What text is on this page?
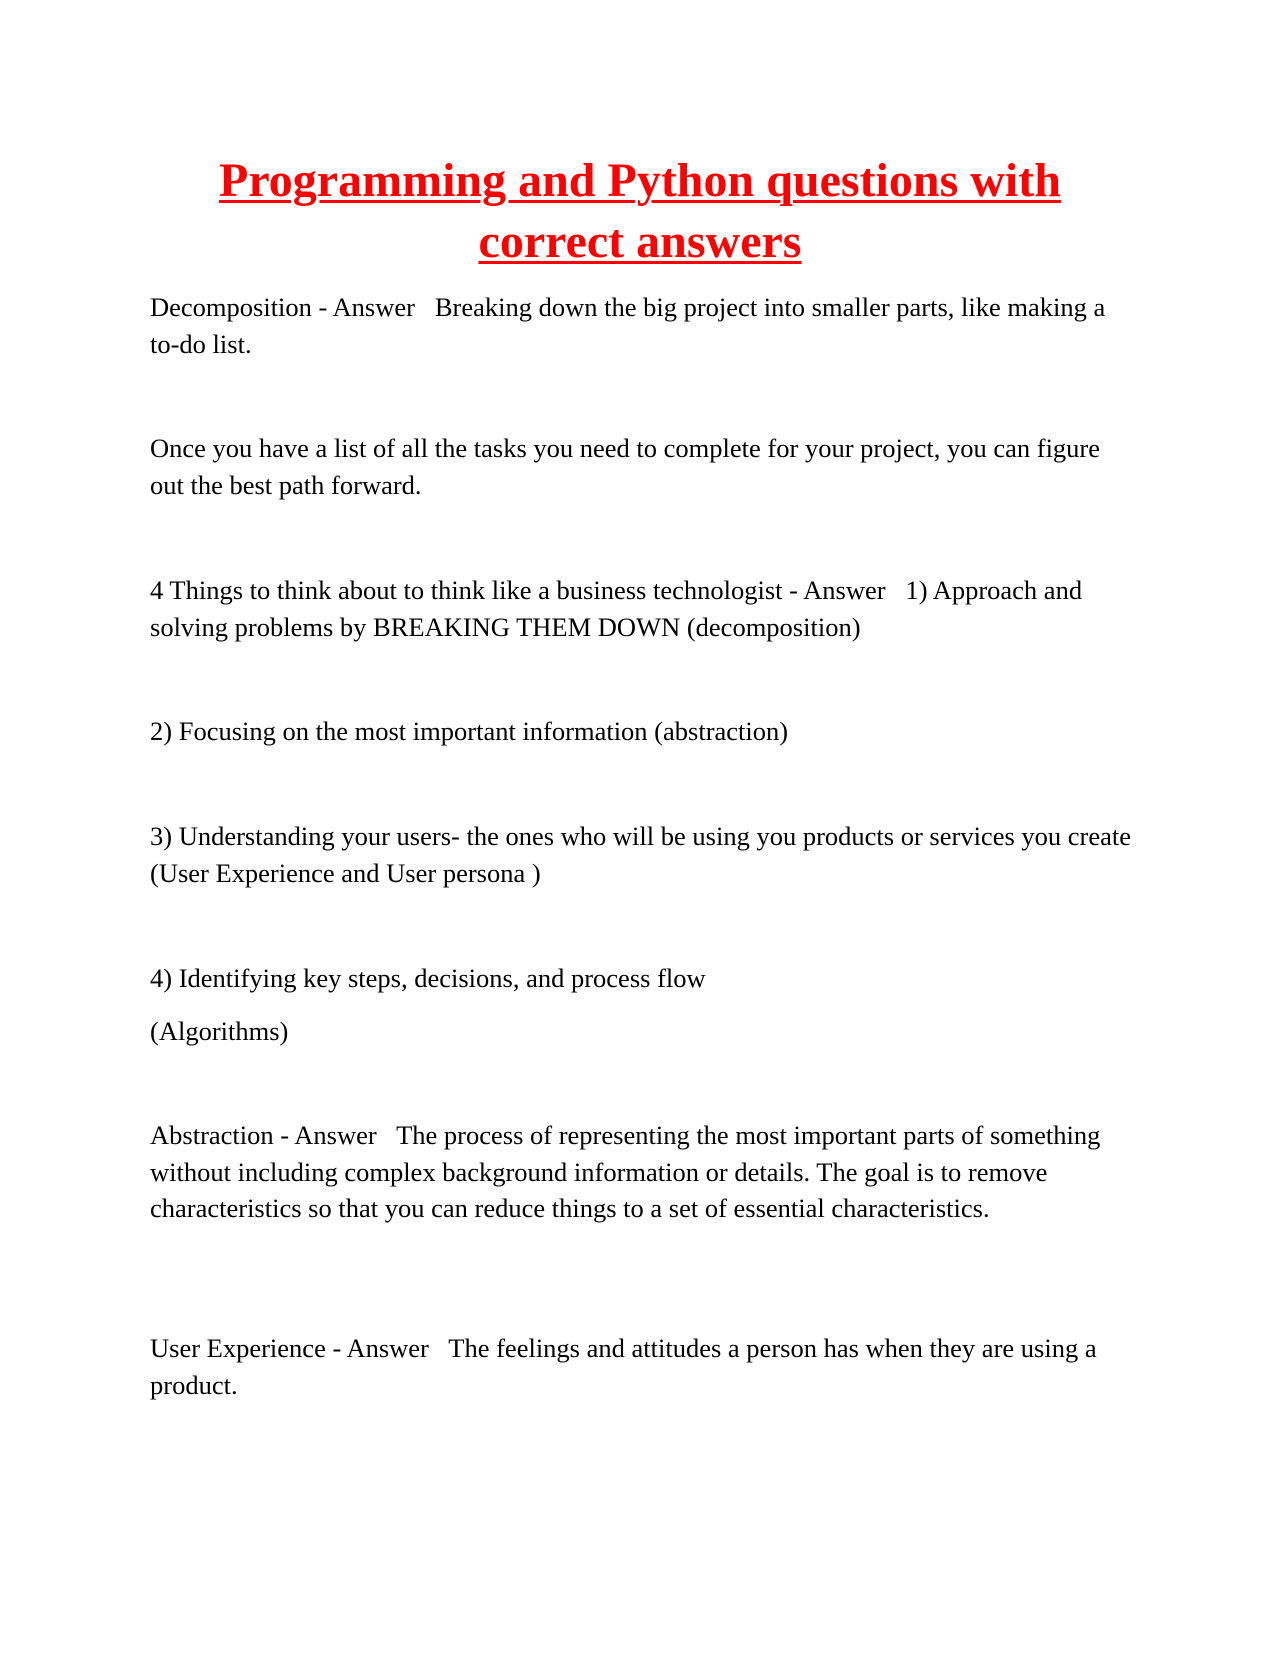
Programming and Python questions with correct answers

Decomposition - Answer Breaking down the big project into smaller parts, like making a to-do list.

Once you have a list of all the tasks you need to complete for your project, you can figure out the best path forward.

4 Things to think about to think like a business technologist - Answer 1) Approach and solving problems by BREAKING THEM DOWN (decomposition)

2) Focusing on the most important information (abstraction)

3) Understanding your users- the ones who will be using you products or services you create (User Experience and User persona )

4) Identifying key steps, decisions, and process flow

(Algorithms)

Abstraction - Answer The process of representing the most important parts of something without including complex background information or details. The goal is to remove characteristics so that you can reduce things to a set of essential characteristics.

User Experience - Answer The feelings and attitudes a person has when they are using a product.
